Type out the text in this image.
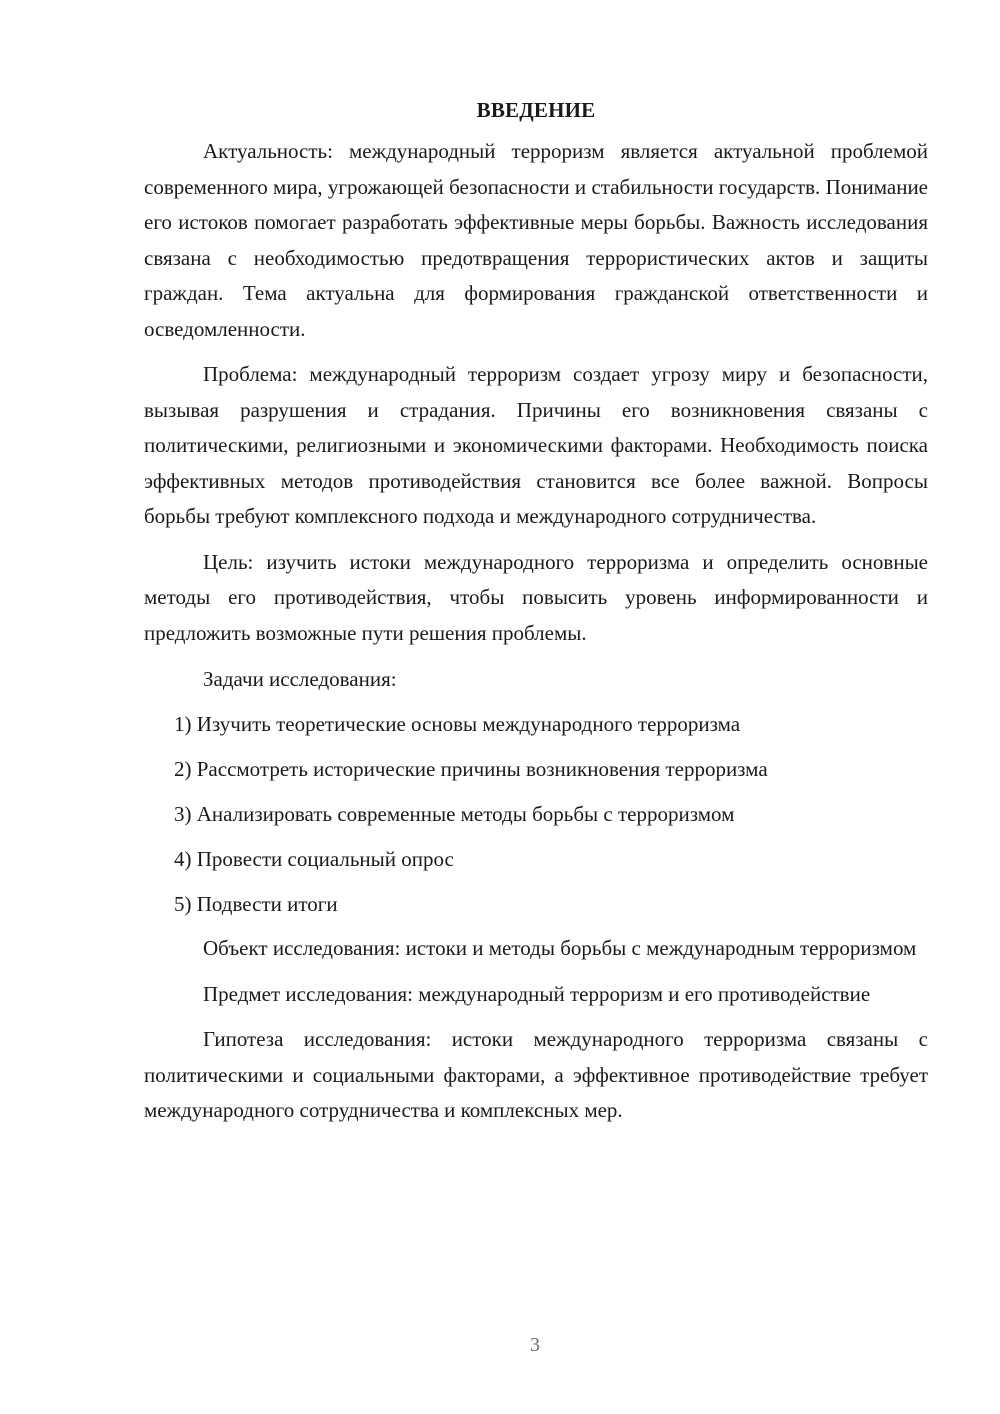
ВВЕДЕНИЕ

Актуальность: международный терроризм является актуальной проблемой современного мира, угрожающей безопасности и стабильности государств. Понимание его истоков помогает разработать эффективные меры борьбы. Важность исследования связана с необходимостью предотвращения террористических актов и защиты граждан. Тема актуальна для формирования гражданской ответственности и осведомленности.

Проблема: международный терроризм создает угрозу миру и безопасности, вызывая разрушения и страдания. Причины его возникновения связаны с политическими, религиозными и экономическими факторами. Необходимость поиска эффективных методов противодействия становится все более важной. Вопросы борьбы требуют комплексного подхода и международного сотрудничества.

Цель: изучить истоки международного терроризма и определить основные методы его противодействия, чтобы повысить уровень информированности и предложить возможные пути решения проблемы.

Задачи исследования:

1) Изучить теоретические основы международного терроризма
2) Рассмотреть исторические причины возникновения терроризма
3) Анализировать современные методы борьбы с терроризмом
4) Провести социальный опрос
5) Подвести итоги

Объект исследования: истоки и методы борьбы с международным терроризмом

Предмет исследования: международный терроризм и его противодействие

Гипотеза исследования: истоки международного терроризма связаны с политическими и социальными факторами, а эффективное противодействие требует международного сотрудничества и комплексных мер.

3
